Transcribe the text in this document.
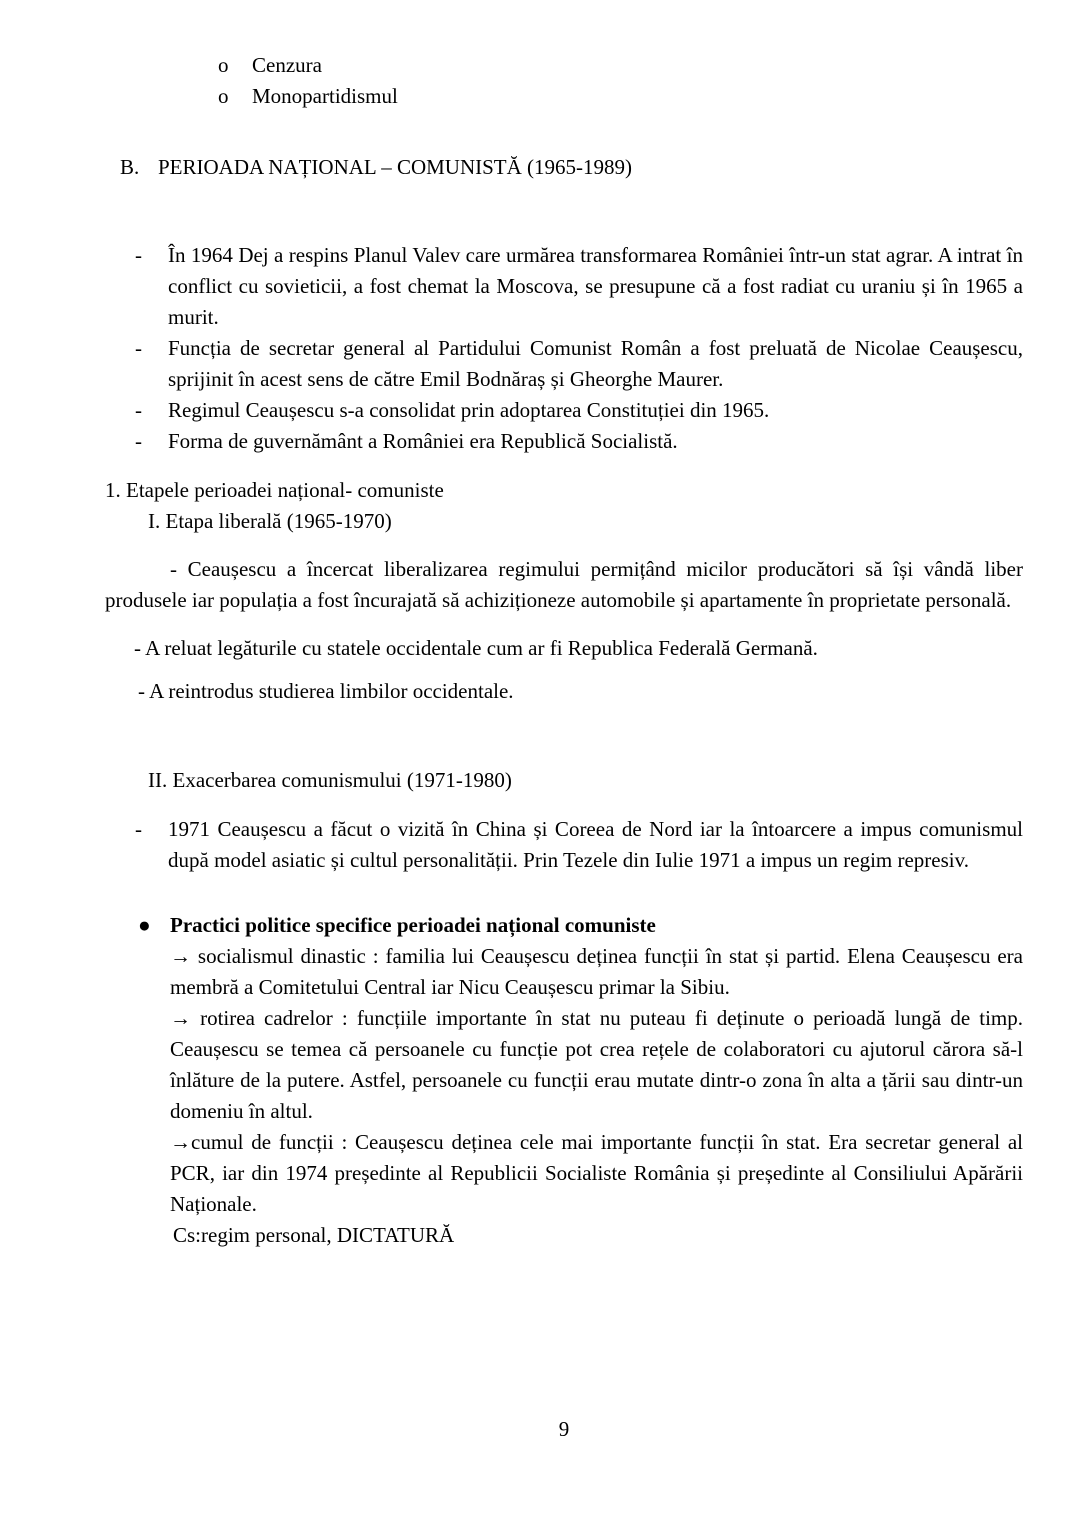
o	Cenzura
o	Monopartidismul
B. PERIOADA NAȚIONAL – COMUNISTĂ (1965-1989)
-	În 1964 Dej a respins Planul Valev care urmărea transformarea României într-un stat agrar. A intrat în conflict cu sovieticii, a fost chemat la Moscova, se presupune că a fost radiat cu uraniu și în 1965 a murit.
-	Funcția de secretar general al Partidului Comunist Român a fost preluată de Nicolae Ceaușescu, sprijinit în acest sens de către Emil Bodnăraș și Gheorghe Maurer.
-	Regimul Ceaușescu s-a consolidat prin adoptarea Constituției din 1965.
-	Forma de guvernământ a României era Republică Socialistă.
1. Etapele perioadei național- comuniste
I. Etapa liberală (1965-1970)
- Ceaușescu a încercat liberalizarea regimului permițând micilor producători să își vândă liber produsele iar populația a fost încurajată să achiziționeze automobile și apartamente în proprietate personală.
- A reluat legăturile cu statele occidentale cum ar fi Republica Federală Germană.
- A reintrodus studierea limbilor occidentale.
II. Exacerbarea comunismului (1971-1980)
-	1971 Ceaușescu a făcut o vizită în China și Coreea de Nord iar la întoarcere a impus comunismul după model asiatic și cultul personalității. Prin Tezele din Iulie 1971 a impus un regim represiv.
● Practici politice specifice perioadei național comuniste
→ socialismul dinastic : familia lui Ceaușescu deținea funcții în stat și partid. Elena Ceaușescu era membră a Comitetului Central iar Nicu Ceaușescu primar la Sibiu.
→ rotirea cadrelor : funcțiile importante în stat nu puteau fi deținute o perioadă lungă de timp. Ceaușescu se temea că persoanele cu funcție pot crea rețele de colaboratori cu ajutorul cărora să-l înlăture de la putere. Astfel, persoanele cu funcții erau mutate dintr-o zona în alta a țării sau dintr-un domeniu în altul.
→cumul de funcții : Ceaușescu deținea cele mai importante funcții în stat. Era secretar general al PCR, iar din 1974 președinte al Republicii Socialiste România și președinte al Consiliului Apărării Naționale.
Cs:regim personal, DICTATURĂ
9
